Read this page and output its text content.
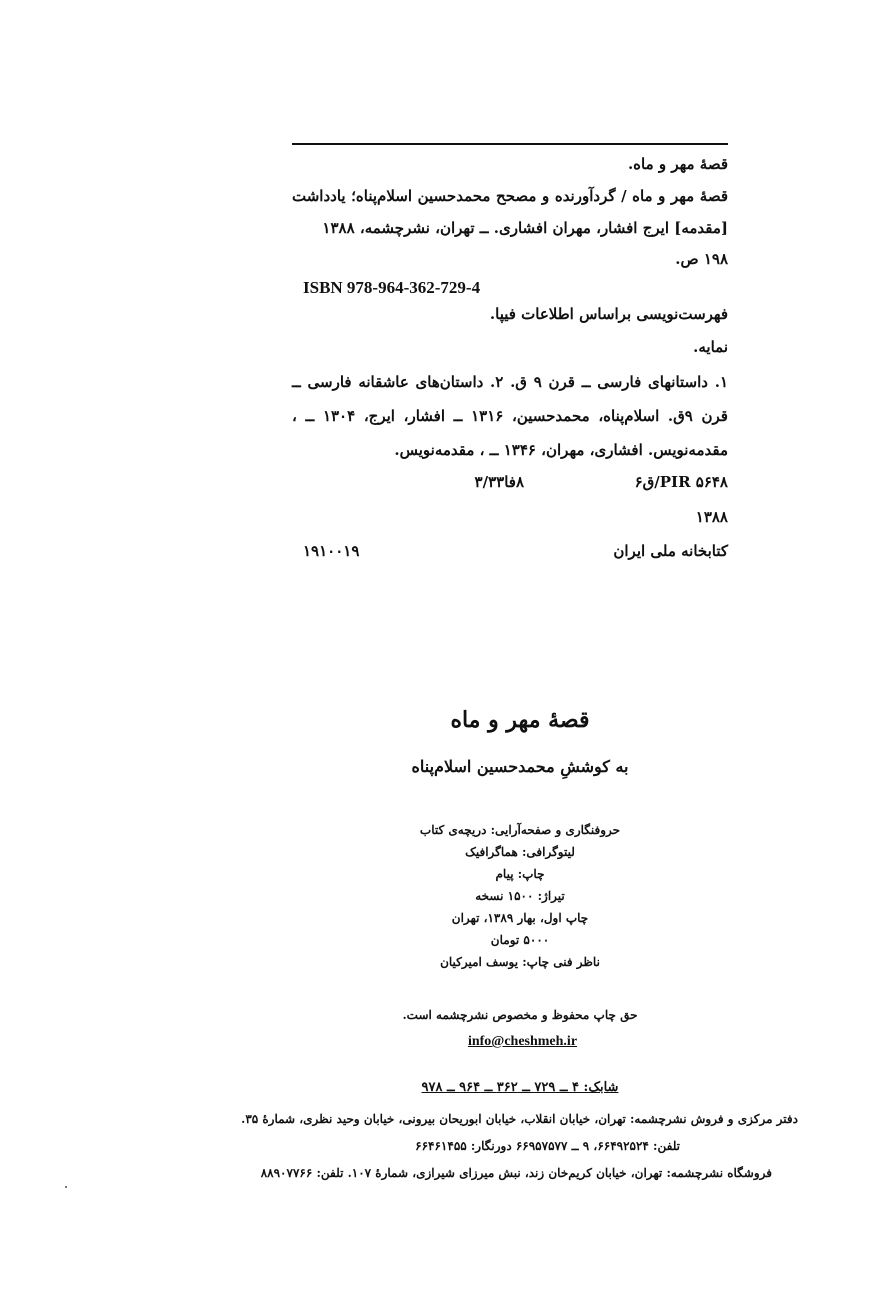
قصهٔ مهر و ماه.
قصهٔ مهر و ماه / گردآورنده و مصحح محمدحسین اسلام‌پناه؛ یادداشت
[مقدمه] ایرج افشار، مهران افشاری. ــ تهران، نشرچشمه، ۱۳۸۸
۱۹۸ ص.
ISBN 978-964-362-729-4
فهرست‌نویسی براساس اطلاعات فیپا.
نمایه.
۱. داستانهای فارسی ــ قرن ۹ ق. ۲. داستان‌های عاشقانه فارسی ــ
قرن ۹ق. اسلام‌پناه، محمدحسین، ۱۳۱۶ ــ افشار، ایرج، ۱۳۰۴ ــ ،
مقدمه‌نویس. افشاری، مهران، ۱۳۴۶ ــ ، مقدمه‌نویس.
PIR ۵۶۴۸/ق۶
۸فا۳/۳۳
۱۳۸۸
کتابخانه ملی ایران
۱۹۱۰۰۱۹
قصهٔ مهر و ماه
به کوششِ محمدحسین اسلام‌پناه
حروفنگاری و صفحه‌آرایی: دریچه‌ی کتاب
لیتوگرافی: هماگرافیک
چاپ: پیام
تیراژ: ۱۵۰۰ نسخه
چاپ اول، بهار ۱۳۸۹، تهران
۵۰۰۰ تومان
ناظر فنی چاپ: یوسف امیرکیان
حق چاپ محفوظ و مخصوص نشرچشمه است.
info@cheshmeh.ir
شابک: ۴ ــ ۷۲۹ ــ ۳۶۲ ــ ۹۶۴ ــ ۹۷۸
دفتر مرکزی و فروش نشرچشمه: تهران، خیابان انقلاب، خیابان ابوریحان بیرونی، خیابان وحید نظری، شمارهٔ ۳۵.
تلفن: ۶۶۴۹۲۵۲۴، ۹ ــ ۶۶۹۵۷۵۷۷ دورنگار: ۶۶۴۶۱۴۵۵
فروشگاه نشرچشمه: تهران، خیابان کریم‌خان زند، نبش میرزای شیرازی، شمارهٔ ۱۰۷. تلفن: ۸۸۹۰۷۷۶۶
